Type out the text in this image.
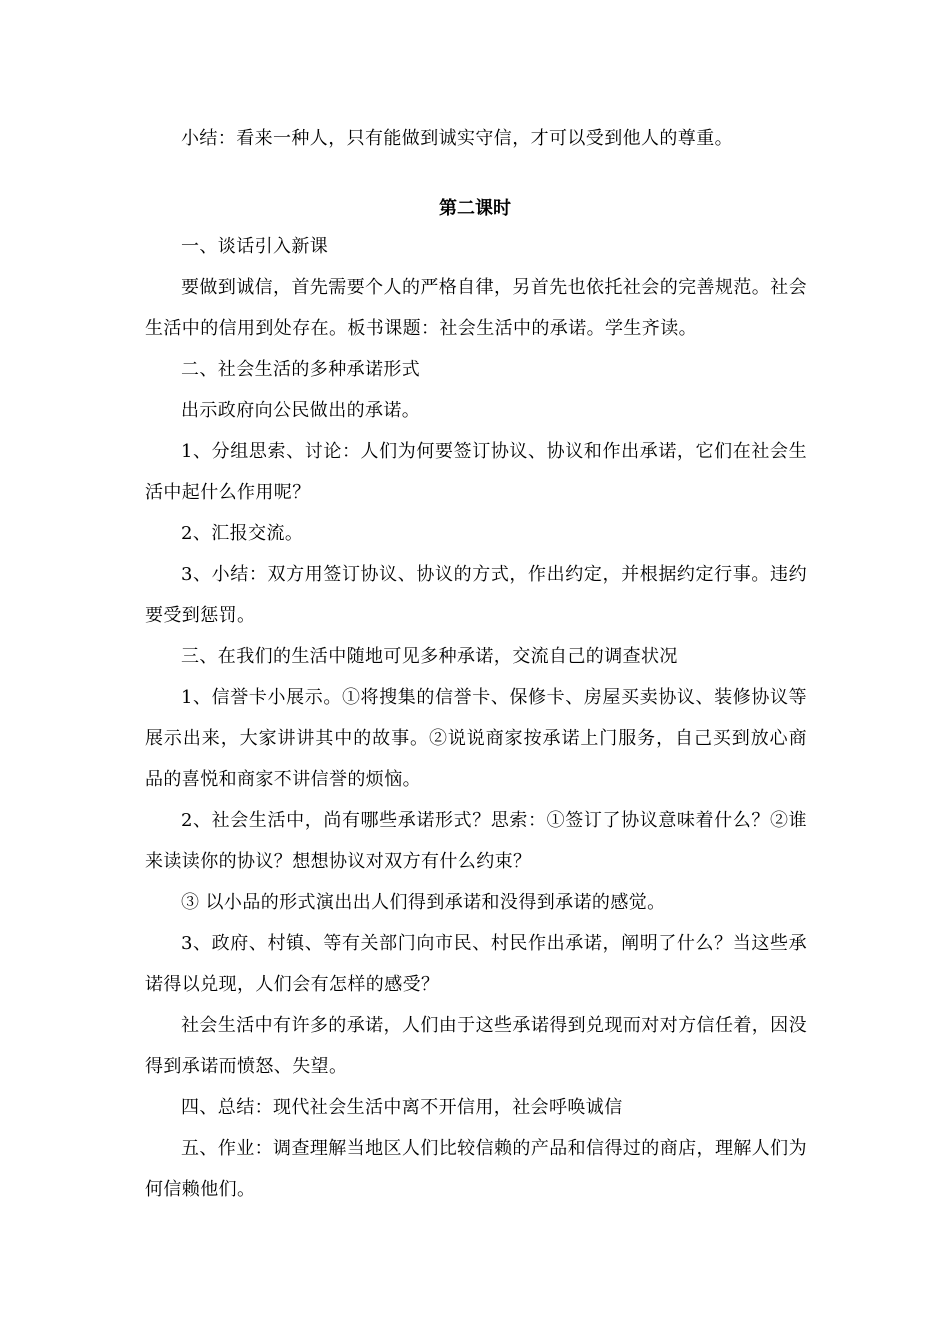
小结：看来一种人，只有能做到诚实守信，才可以受到他人的尊重。
第二课时
一、谈话引入新课
要做到诚信，首先需要个人的严格自律，另首先也依托社会的完善规范。社会生活中的信用到处存在。板书课题：社会生活中的承诺。学生齐读。
二、社会生活的多种承诺形式
出示政府向公民做出的承诺。
1、分组思索、讨论：人们为何要签订协议、协议和作出承诺，它们在社会生活中起什么作用呢？
2、汇报交流。
3、小结：双方用签订协议、协议的方式，作出约定，并根据约定行事。违约要受到惩罚。
三、在我们的生活中随地可见多种承诺，交流自己的调查状况
1、信誉卡小展示。①将搜集的信誉卡、保修卡、房屋买卖协议、装修协议等展示出来，大家讲讲其中的故事。②说说商家按承诺上门服务，自己买到放心商品的喜悦和商家不讲信誉的烦恼。
2、社会生活中，尚有哪些承诺形式？思索：①签订了协议意味着什么？②谁来读读你的协议？想想协议对双方有什么约束？
③ 以小品的形式演出出人们得到承诺和没得到承诺的感觉。
3、政府、村镇、等有关部门向市民、村民作出承诺，阐明了什么？当这些承诺得以兑现，人们会有怎样的感受？
社会生活中有许多的承诺，人们由于这些承诺得到兑现而对对方信任着，因没得到承诺而愤怒、失望。
四、总结：现代社会生活中离不开信用，社会呼唤诚信
五、作业：调查理解当地区人们比较信赖的产品和信得过的商店，理解人们为何信赖他们。
